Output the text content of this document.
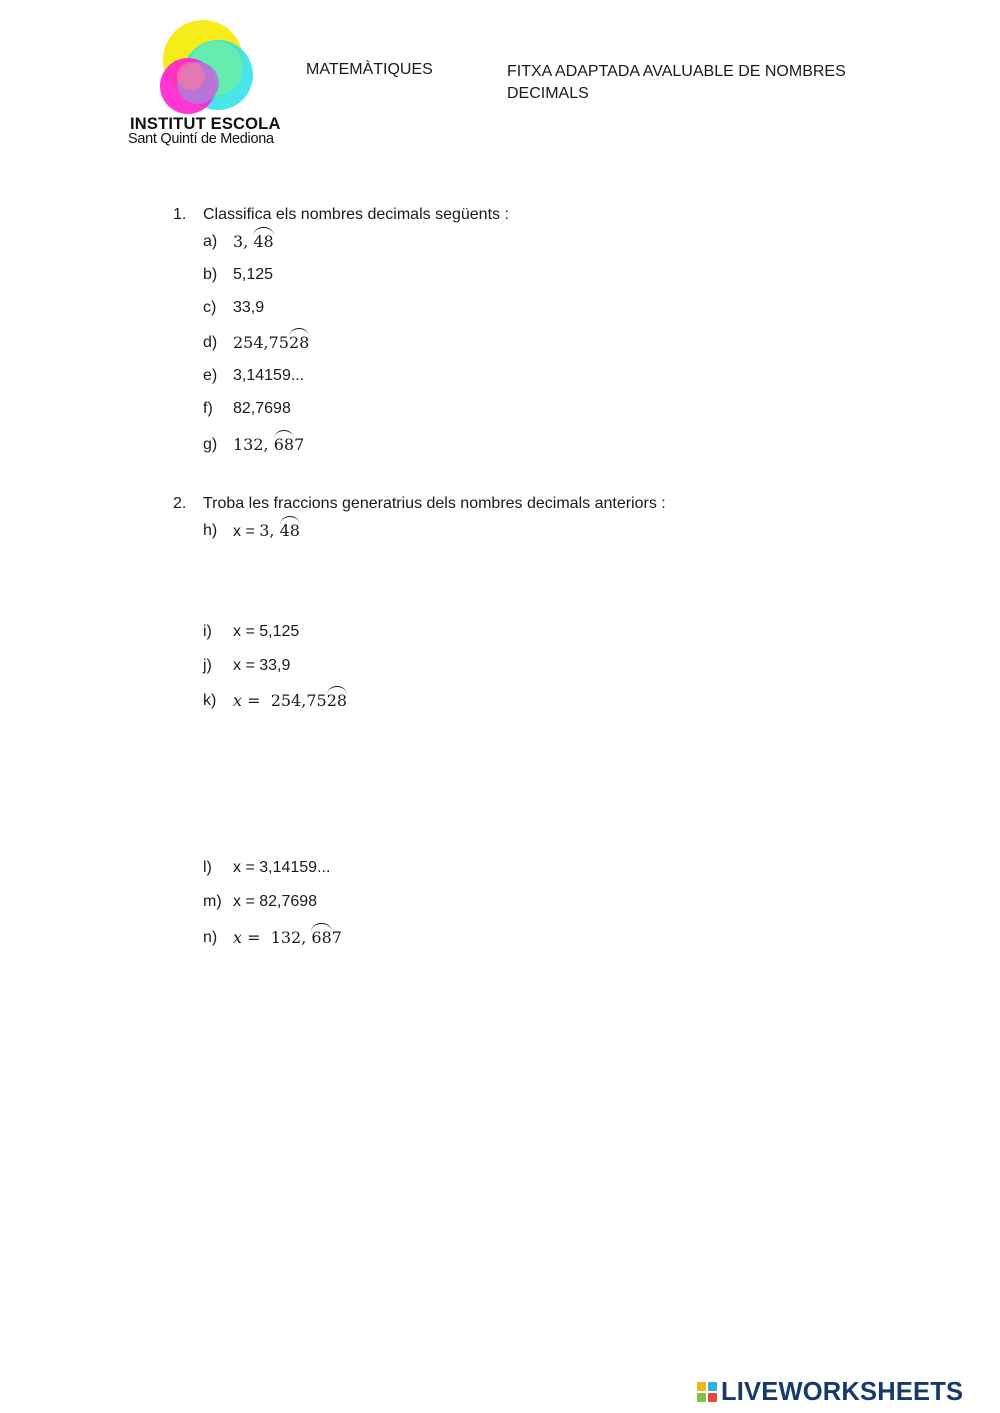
INSTITUT ESCOLA
Sant Quintí de Mediona
MATEMÀTIQUES	FITXA ADAPTADA AVALUABLE DE NOMBRES DECIMALS
1. Classifica els nombres decimals següents :
a) 3, 48
b) 5,125
c) 33,9
d) 254,7528
e) 3,14159...
f) 82,7698
g) 132, 687
2. Troba les fraccions generatrius dels nombres decimals anteriors :
h) x = 3, 48
i) x = 5,125
j) x = 33,9
k) x =  254,7528
l) x = 3,14159...
m) x = 82,7698
n) x =  132, 687
LIVEWORKSHEETS
